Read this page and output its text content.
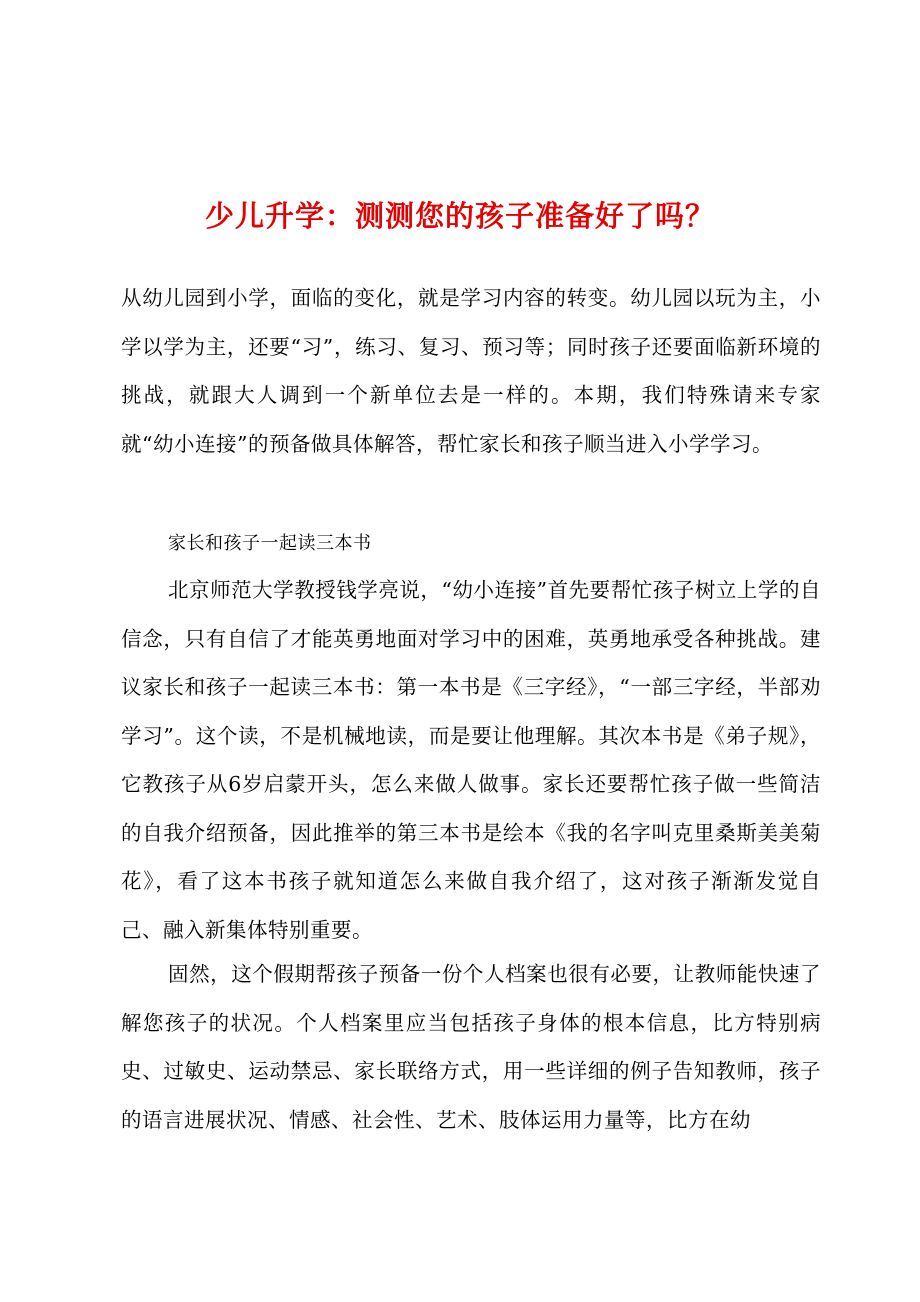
少儿升学：测测您的孩子准备好了吗？

从幼儿园到小学，面临的变化，就是学习内容的转变。幼儿园以玩为主，小学以学为主，还要“习”，练习、复习、预习等；同时孩子还要面临新环境的挑战，就跟大人调到一个新单位去是一样的。本期，我们特殊请来专家就“幼小连接”的预备做具体解答，帮忙家长和孩子顺当进入小学学习。

家长和孩子一起读三本书

北京师范大学教授钱学亮说，“幼小连接”首先要帮忙孩子树立上学的自信念，只有自信了才能英勇地面对学习中的困难，英勇地承受各种挑战。建议家长和孩子一起读三本书：第一本书是《三字经》，“一部三字经，半部劝学习”。这个读，不是机械地读，而是要让他理解。其次本书是《弟子规》，它教孩子从6岁启蒙开头，怎么来做人做事。家长还要帮忙孩子做一些简洁的自我介绍预备，因此推举的第三本书是绘本《我的名字叫克里桑斯美美菊花》，看了这本书孩子就知道怎么来做自我介绍了，这对孩子渐渐发觉自己、融入新集体特别重要。

固然，这个假期帮孩子预备一份个人档案也很有必要，让教师能快速了解您孩子的状况。个人档案里应当包括孩子身体的根本信息，比方特别病史、过敏史、运动禁忌、家长联络方式，用一些详细的例子告知教师，孩子的语言进展状况、情感、社会性、艺术、肢体运用力量等，比方在幼
